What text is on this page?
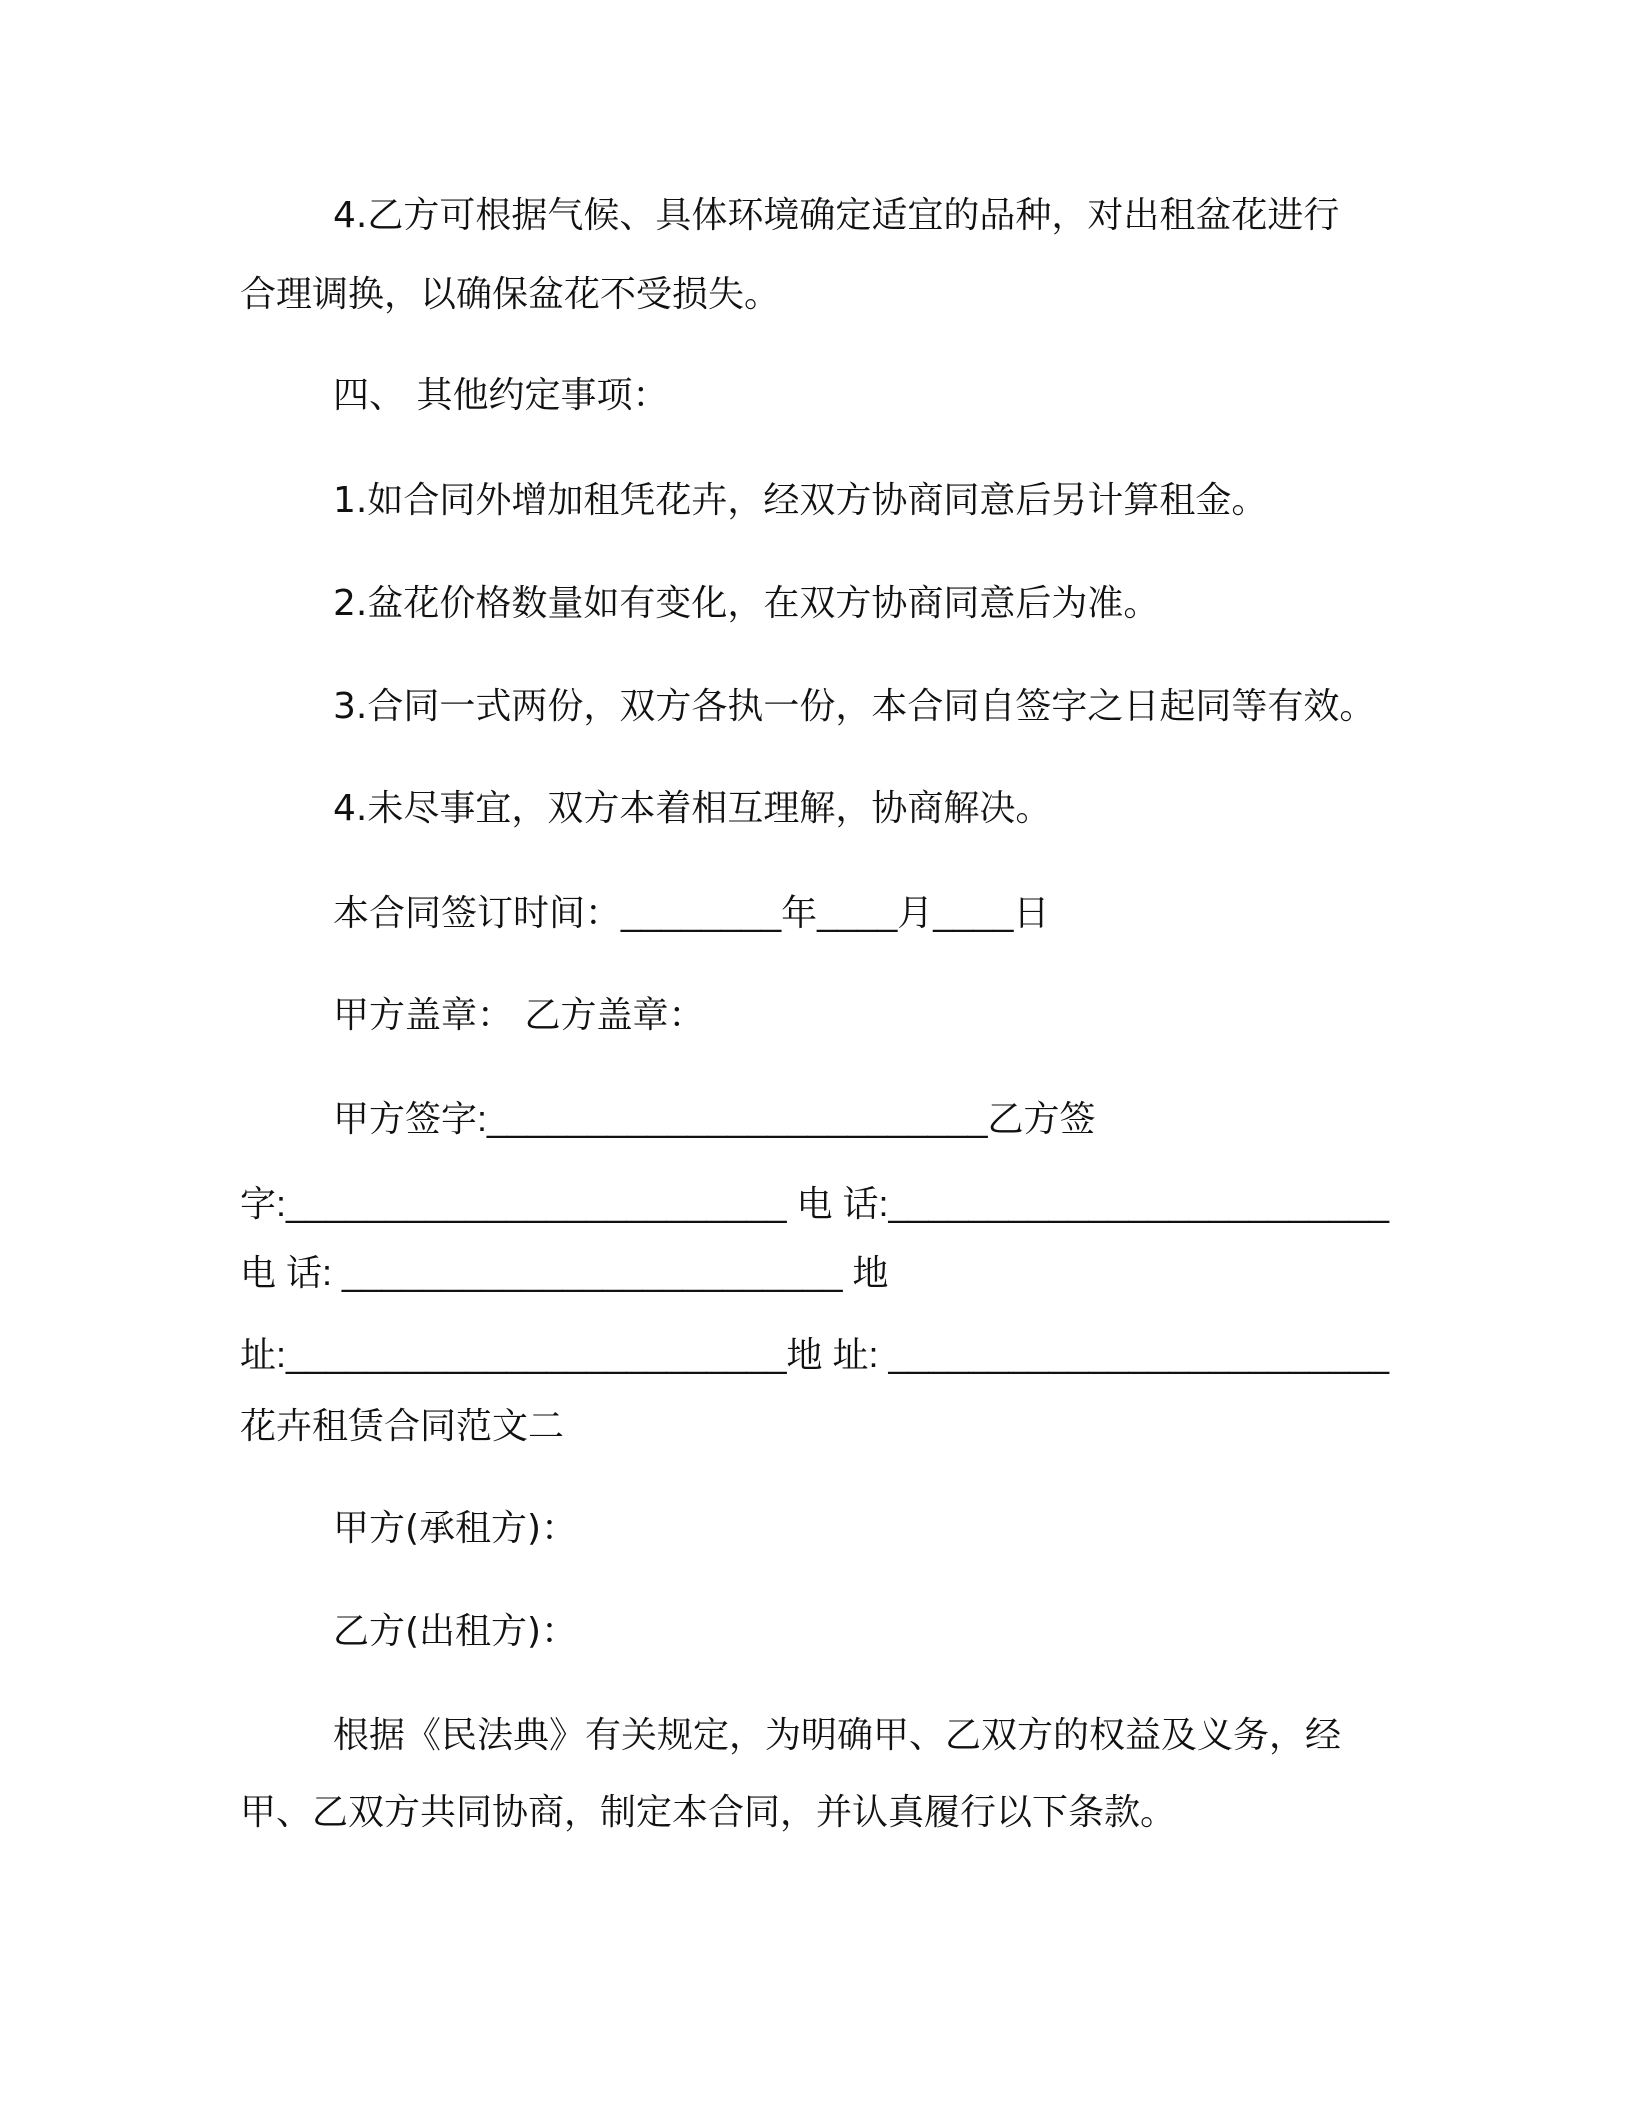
4.乙方可根据气候、具体环境确定适宜的品种，对出租盆花进行
合理调换，以确保盆花不受损失。
四、 其他约定事项：
1.如合同外增加租凭花卉，经双方协商同意后另计算租金。
2.盆花价格数量如有变化，在双方协商同意后为准。
3.合同一式两份，双方各执一份，本合同自签字之日起同等有效。
4.未尽事宜，双方本着相互理解，协商解决。
本合同签订时间：________年____月____日
甲方盖章： 乙方盖章：
甲方签字:_________________________乙方签
字:_________________________ 电 话:_________________________
电 话: _________________________ 地
址:_________________________地 址: _________________________
花卉租赁合同范文二
甲方(承租方)：
乙方(出租方)：
根据《民法典》有关规定，为明确甲、乙双方的权益及义务，经
甲、乙双方共同协商，制定本合同，并认真履行以下条款。
